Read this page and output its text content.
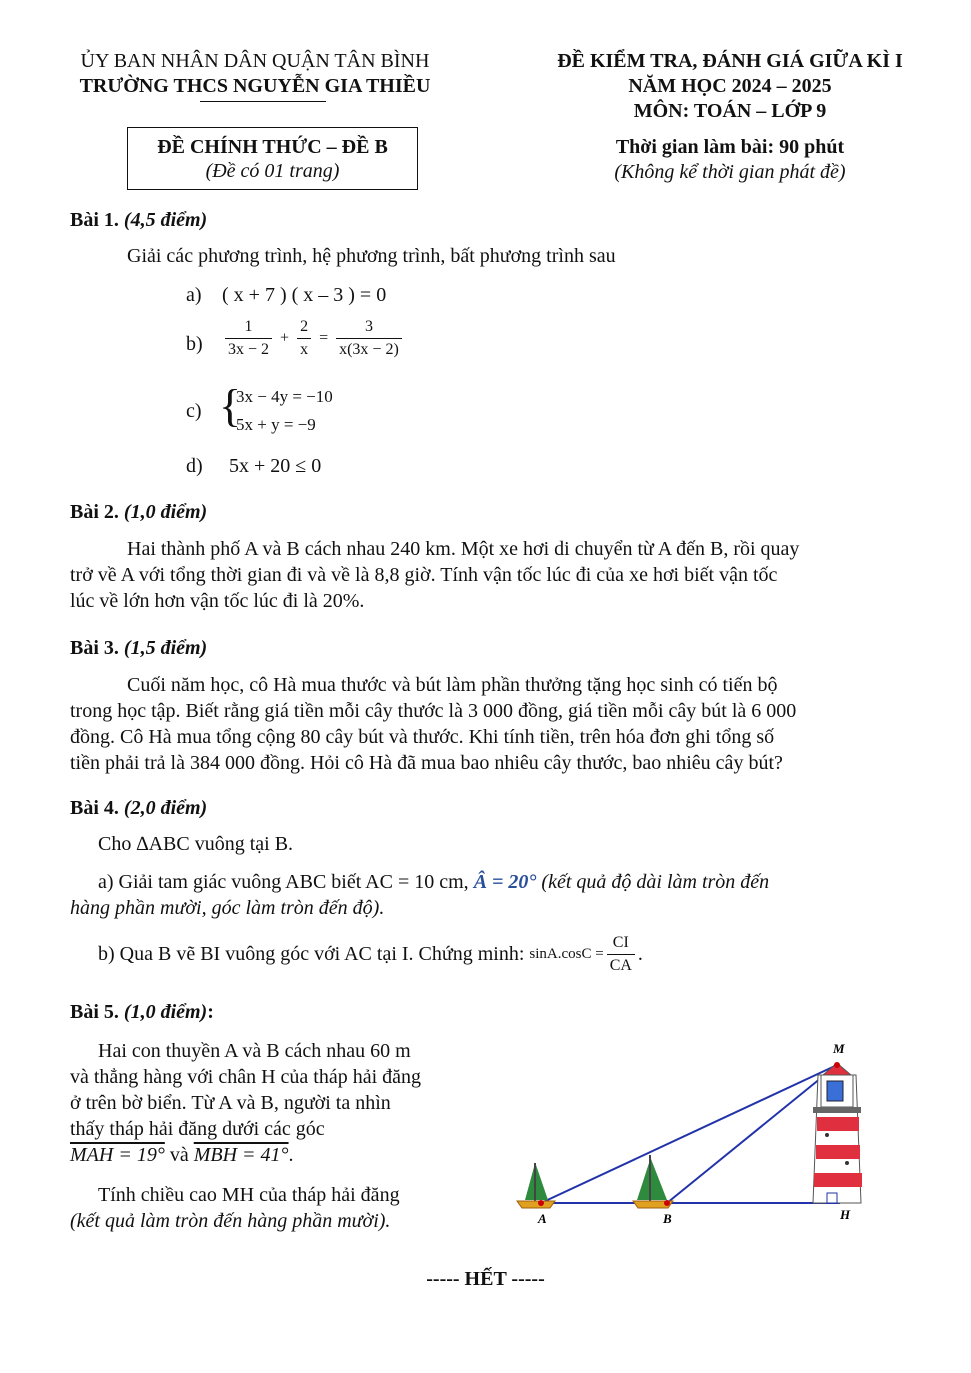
ỦY BAN NHÂN DÂN QUẬN TÂN BÌNH
TRƯỜNG THCS NGUYỄN GIA THIỀU
ĐỀ KIỂM TRA, ĐÁNH GIÁ GIỮA KÌ I
NĂM HỌC 2024 – 2025
MÔN: TOÁN – LỚP 9
ĐỀ CHÍNH THỨC – ĐỀ B
(Đề có 01 trang)
Thời gian làm bài: 90 phút
(Không kể thời gian phát đề)
Bài 1. (4,5 điểm)
Giải các phương trình, hệ phương trình, bất phương trình sau
a) ( x + 7 ) ( x – 3 ) = 0
$b) \frac{1}{3x - 2} + \frac{2}{x} = \frac{3}{x(3x - 2)}$
c) {
3x − 4y = −10
5x + y = −9
d) 5x + 20 ≤ 0
Bài 2. (1,0 điểm)
Hai thành phố A và B cách nhau 240 km. Một xe hơi di chuyển từ A đến B, rồi quay
trở về A với tổng thời gian đi và về là 8,8 giờ. Tính vận tốc lúc đi của xe hơi biết vận tốc
lúc về lớn hơn vận tốc lúc đi là 20%.
Bài 3. (1,5 điểm)
Cuối năm học, cô Hà mua thước và bút làm phần thưởng tặng học sinh có tiến bộ
trong học tập. Biết rằng giá tiền mỗi cây thước là 3 000 đồng, giá tiền mỗi cây bút là 6 000
đồng. Cô Hà mua tổng cộng 80 cây bút và thước. Khi tính tiền, trên hóa đơn ghi tổng số
tiền phải trả là 384 000 đồng. Hỏi cô Hà đã mua bao nhiêu cây thước, bao nhiêu cây bút?
Bài 4. (2,0 điểm)
Cho ∆ABC vuông tại B.
a) Giải tam giác vuông ABC biết AC = 10 cm, Â = 20° (kết quả độ dài làm tròn đến
hàng phần mười, góc làm tròn đến độ).
b) Qua B vẽ BI vuông góc với AC tại I. Chứng minh: $\sin A.\cos C = \frac{CI}{CA}$ .
Bài 5. (1,0 điểm):
Hai con thuyền A và B cách nhau 60 m
và thẳng hàng với chân H của tháp hải đăng
ở trên bờ biển. Từ A và B, người ta nhìn
thấy tháp hải đăng dưới các góc
MAH = 19° và MBH = 41°.
Tính chiều cao MH của tháp hải đăng
(kết quả làm tròn đến hàng phần mười).
M
A	B	H
----- HẾT -----
